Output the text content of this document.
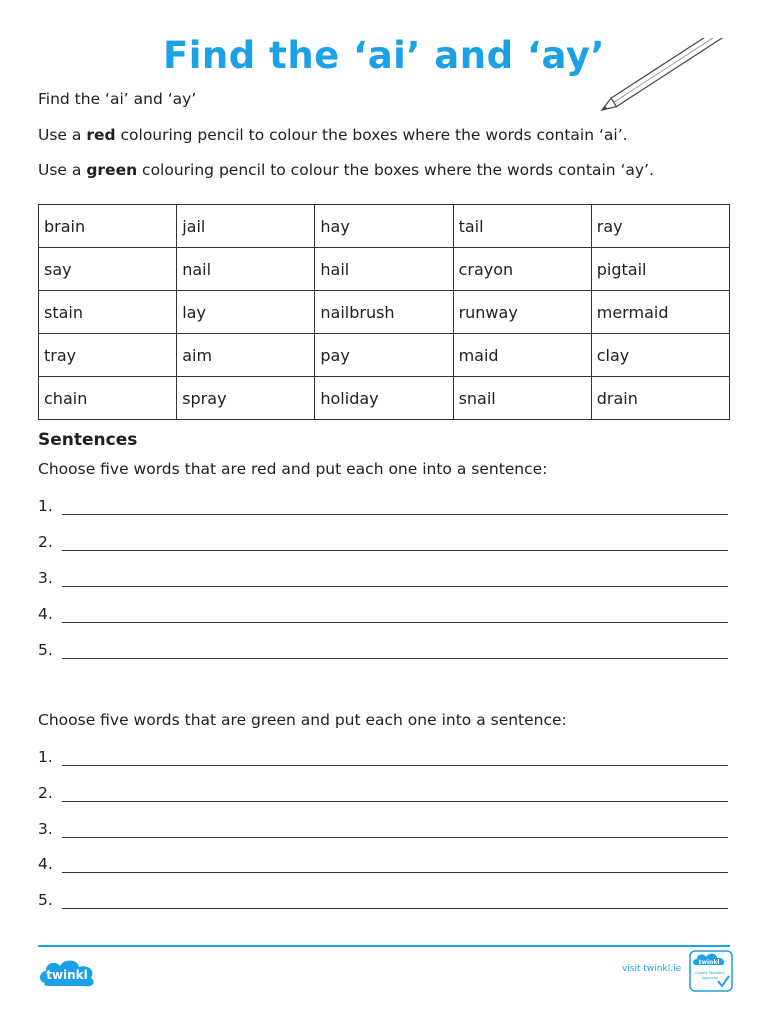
Find the ‘ai’ and ‘ay’
Find the ‘ai’ and ‘ay’
Use a red colouring pencil to colour the boxes where the words contain ‘ai’.
Use a green colouring pencil to colour the boxes where the words contain ‘ay’.
brain	jail	hay	tail	ray
say	nail	hail	crayon	pigtail
stain	lay	nailbrush	runway	mermaid
tray	aim	pay	maid	clay
chain	spray	holiday	snail	drain
Sentences
Choose five words that are red and put each one into a sentence:
1.
2.
3.
4.
5.
Choose five words that are green and put each one into a sentence:
1.
2.
3.
4.
5.
twinkl	visit twinkl.ie
twinkl
Quality Standard
Approved
